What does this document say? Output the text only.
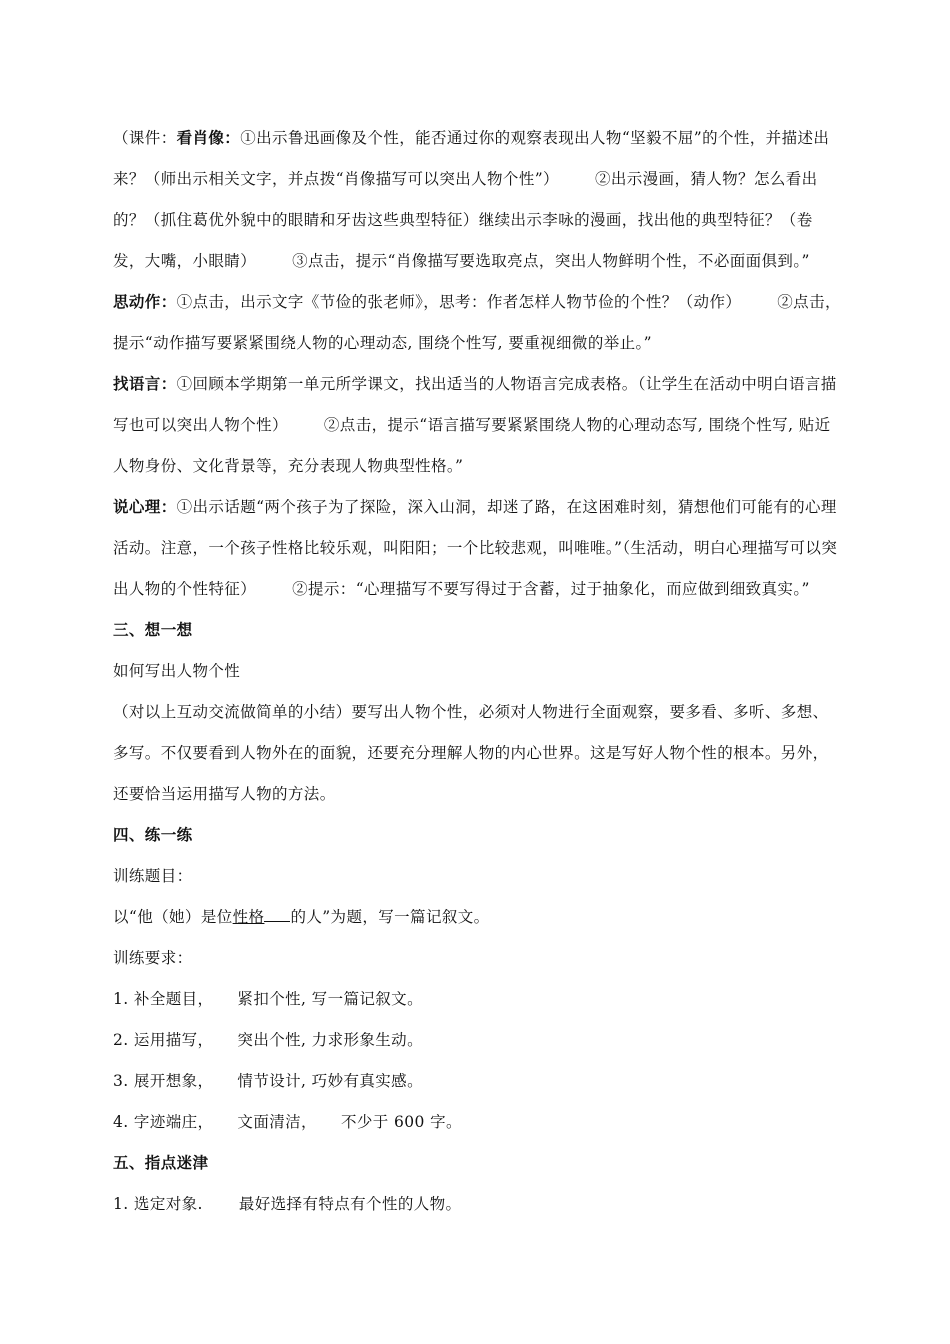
（课件：看肖像：①出示鲁迅画像及个性，能否通过你的观察表现出人物“坚毅不屈”的个性，并描述出来？（师出示相关文字，并点拨“肖像描写可以突出人物个性”） ②出示漫画，猜人物？怎么看出的？（抓住葛优外貌中的眼睛和牙齿这些典型特征）继续出示李咏的漫画，找出他的典型特征？（卷发，大嘴，小眼睛） ③点击，提示“肖像描写要选取亮点，突出人物鲜明个性，不必面面俱到。”

思动作：①点击，出示文字《节俭的张老师》，思考：作者怎样人物节俭的个性？（动作） ②点击，提示“动作描写要紧紧围绕人物的心理动态, 围绕个性写, 要重视细微的举止。”

找语言：①回顾本学期第一单元所学课文，找出适当的人物语言完成表格。（让学生在活动中明白语言描写也可以突出人物个性） ②点击，提示“语言描写要紧紧围绕人物的心理动态写, 围绕个性写, 贴近人物身份、文化背景等，充分表现人物典型性格。”

说心理：①出示话题“两个孩子为了探险，深入山洞，却迷了路，在这困难时刻，猜想他们可能有的心理活动。注意，一个孩子性格比较乐观，叫阳阳；一个比较悲观，叫唯唯。”（生活动，明白心理描写可以突出人物的个性特征） ②提示：“心理描写不要写得过于含蓄，过于抽象化，而应做到细致真实。”

三、想一想

如何写出人物个性

（对以上互动交流做简单的小结）要写出人物个性，必须对人物进行全面观察，要多看、多听、多想、多写。不仅要看到人物外在的面貌，还要充分理解人物的内心世界。这是写好人物个性的根本。另外，还要恰当运用描写人物的方法。

四、练一练

训练题目：

以“他（她）是位性格 的人”为题，写一篇记叙文。

训练要求：

1. 补全题目， 紧扣个性, 写一篇记叙文。

2. 运用描写， 突出个性, 力求形象生动。

3. 展开想象， 情节设计, 巧妙有真实感。

4. 字迹端庄， 文面清洁， 不少于 600 字。

五、指点迷津

1. 选定对象. 最好选择有特点有个性的人物。
